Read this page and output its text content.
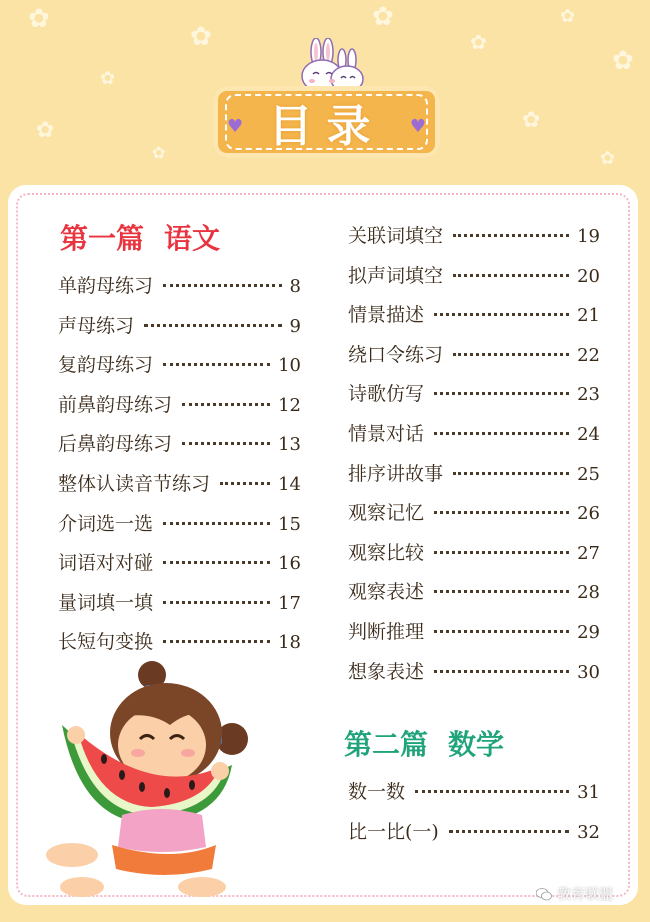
✿
✿
✿
✿
✿
✿
✿
✿	✿
✿
✿
目录
♥	♥
第一篇 语文
单韵母练习	8
声母练习	9
复韵母练习	10
前鼻韵母练习	12
后鼻韵母练习	13
整体认读音节练习	14
介词选一选	15
词语对对碰	16
量词填一填	17
长短句变换	18
关联词填空	19
拟声词填空	20
情景描述	21
绕口令练习	22
诗歌仿写	23
情景对话	24
排序讲故事	25
观察记忆	26
观察比较	27
观察表述	28
判断推理	29
想象表述	30
第二篇 数学
数一数	31
比一比(一)	32
教育联盟
